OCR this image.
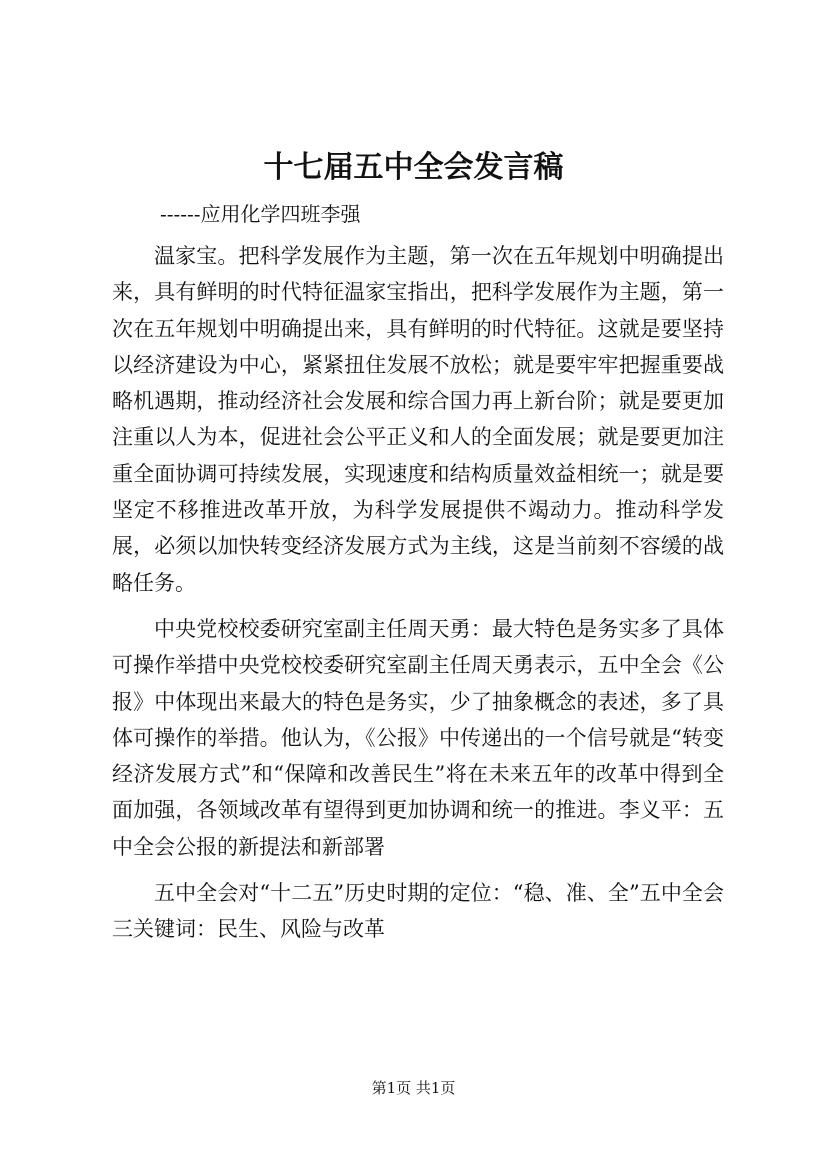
十七届五中全会发言稿
------应用化学四班李强

温家宝。把科学发展作为主题，第一次在五年规划中明确提出来，具有鲜明的时代特征温家宝指出，把科学发展作为主题，第一次在五年规划中明确提出来，具有鲜明的时代特征。这就是要坚持以经济建设为中心，紧紧扭住发展不放松；就是要牢牢把握重要战略机遇期，推动经济社会发展和综合国力再上新台阶；就是要更加注重以人为本，促进社会公平正义和人的全面发展；就是要更加注重全面协调可持续发展，实现速度和结构质量效益相统一；就是要坚定不移推进改革开放，为科学发展提供不竭动力。推动科学发展，必须以加快转变经济发展方式为主线，这是当前刻不容缓的战略任务。

中央党校校委研究室副主任周天勇：最大特色是务实多了具体可操作举措中央党校校委研究室副主任周天勇表示，五中全会《公报》中体现出来最大的特色是务实，少了抽象概念的表述，多了具体可操作的举措。他认为，《公报》中传递出的一个信号就是“转变经济发展方式”和“保障和改善民生”将在未来五年的改革中得到全面加强，各领域改革有望得到更加协调和统一的推进。李义平：五中全会公报的新提法和新部署

五中全会对“十二五”历史时期的定位：“稳、准、全”五中全会三关键词：民生、风险与改革

第1页 共1页
